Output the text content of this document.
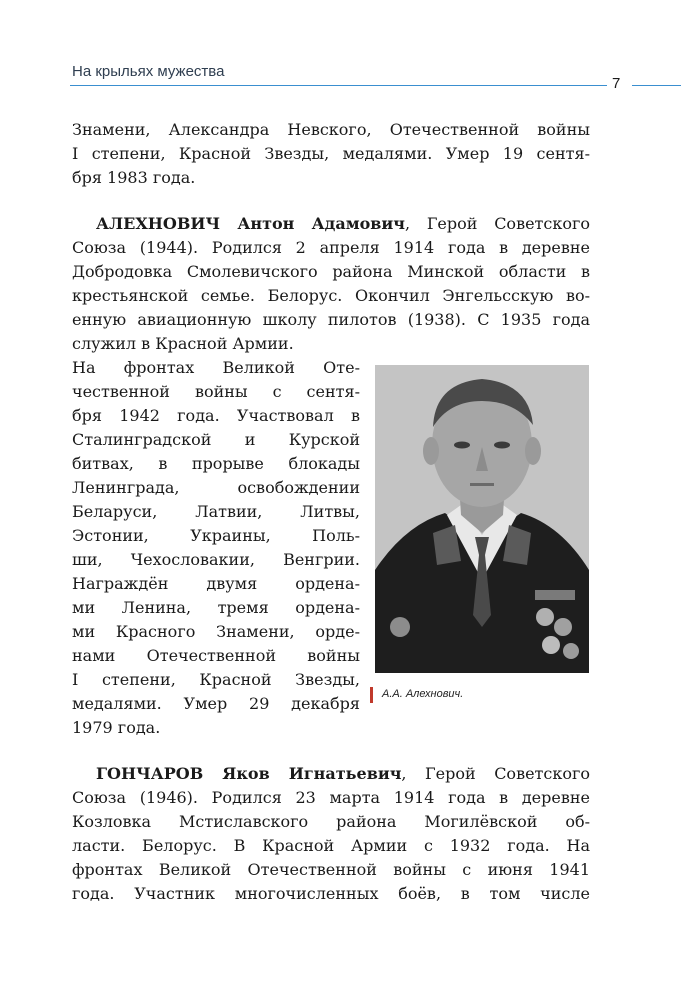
На крыльях мужества
7
Знамени, Александра Невского, Отечественной войны
I степени, Красной Звезды, медалями. Умер 19 сентя-
бря 1983 года.
АЛЕХНОВИЧ Антон Адамович, Герой Советского
Союза (1944). Родился 2 апреля 1914 года в деревне
Добродовка Смолевичского района Минской области в
крестьянской семье. Белорус. Окончил Энгельсскую во-
енную авиационную школу пилотов (1938). С 1935 года
служил в Красной Армии.
На фронтах Великой Оте-
чественной войны с сентя-
бря 1942 года. Участвовал в
Сталинградской и Курской
битвах, в прорыве блокады
Ленинграда, освобождении
Беларуси, Латвии, Литвы,
Эстонии, Украины, Поль-
ши, Чехословакии, Венгрии.
Награждён двумя ордена-
ми Ленина, тремя ордена-
ми Красного Знамени, орде-
нами Отечественной войны
I степени, Красной Звезды,
медалями. Умер 29 декабря
1979 года.
А.А. Алехнович.
ГОНЧАРОВ Яков Игнатьевич, Герой Советского
Союза (1946). Родился 23 марта 1914 года в деревне
Козловка Мстиславского района Могилёвской об-
ласти. Белорус. В Красной Армии с 1932 года. На
фронтах Великой Отечественной войны с июня 1941
года. Участник многочисленных боёв, в том числе
